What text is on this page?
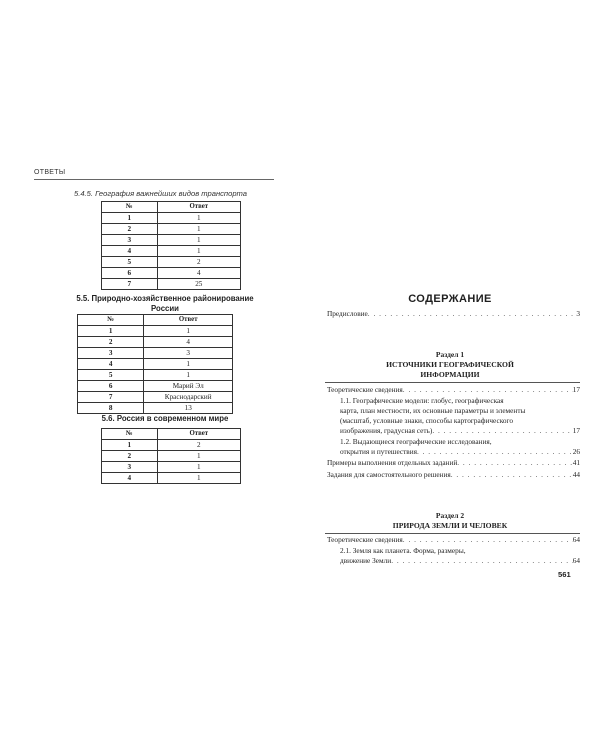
ОТВЕТЫ
5.4.5. География важнейших видов транспорта
№	Ответ
1	1
2	1
3	1
4	1
5	2
6	4
7	25
5.5. Природно-хозяйственное районирование
России
№	Ответ
1	1
2	4
3	3
4	1
5	1
6	Марий Эл
7	Краснодарский
8	13
5.6. Россия в современном мире
№	Ответ
1	2
2	1
3	1
4	1
СОДЕРЖАНИЕ
Предисловие . . .	3
Раздел 1
ИСТОЧНИКИ ГЕОГРАФИЧЕСКОЙ
ИНФОРМАЦИИ
Теоретические сведения . . .	17
1.1. Географические модели: глобус, географическая
карта, план местности, их основные параметры и элементы
(масштаб, условные знаки, способы картографического
изображения, градусная сеть) . . .	17
1.2. Выдающиеся географические исследования,
открытия и путешествия . . .	26
Примеры выполнения отдельных заданий . . .	41
Задания для самостоятельного решения . . .	44
Раздел 2
ПРИРОДА ЗЕМЛИ И ЧЕЛОВЕК
Теоретические сведения . . .	64
2.1. Земля как планета. Форма, размеры,
движение Земли . . .	64
561
